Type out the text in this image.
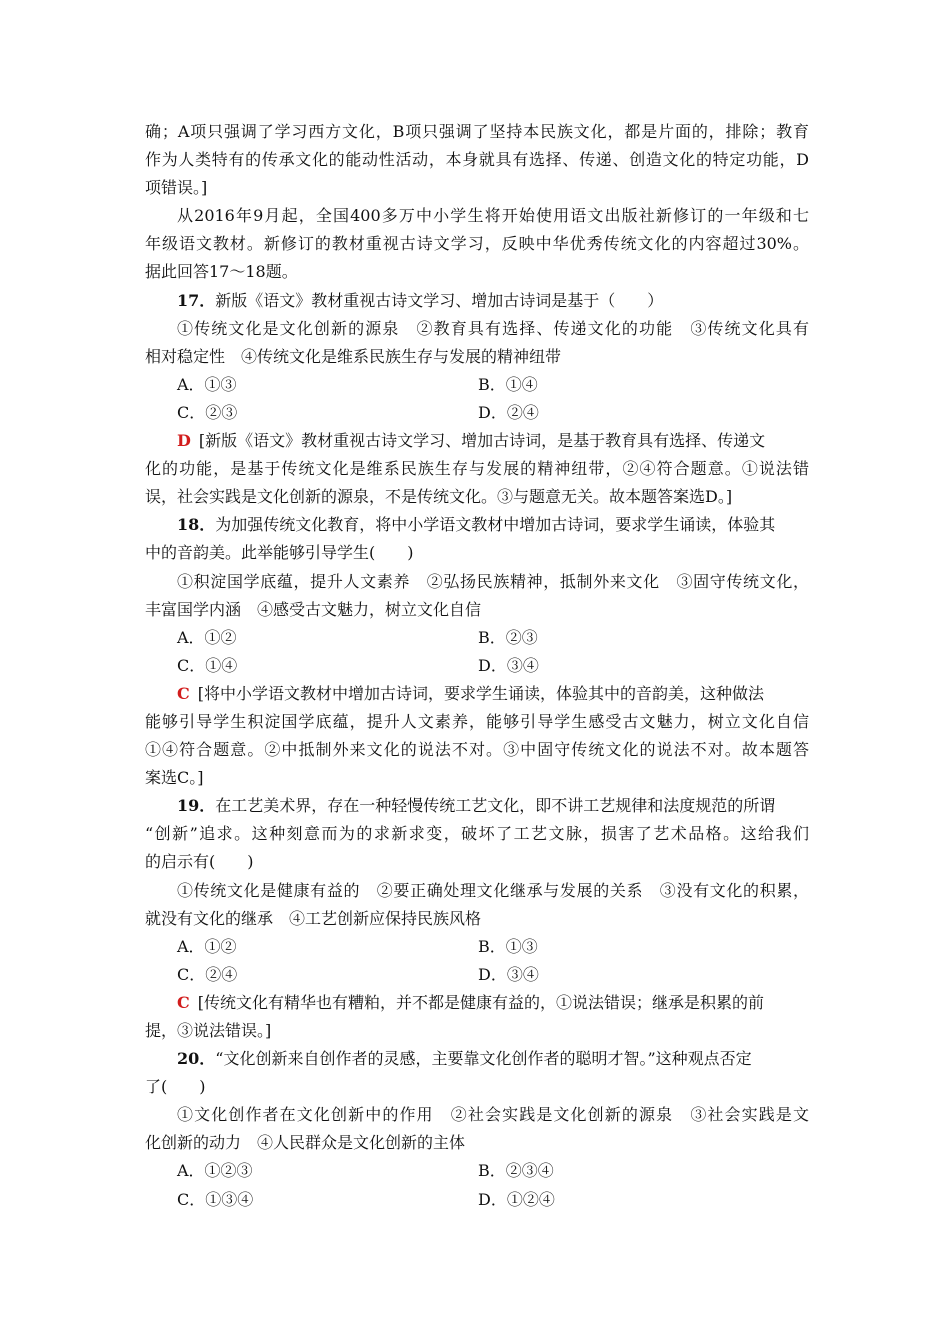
确；A项只强调了学习西方文化，B项只强调了坚持本民族文化，都是片面的，排除；教育
作为人类特有的传承文化的能动性活动，本身就具有选择、传递、创造文化的特定功能，D
项错误。]
从2016年9月起，全国400多万中小学生将开始使用语文出版社新修订的一年级和七
年级语文教材。新修订的教材重视古诗文学习，反映中华优秀传统文化的内容超过30%。
据此回答17～18题。
17．新版《语文》教材重视古诗文学习、增加古诗词是基于（　　）
①传统文化是文化创新的源泉　②教育具有选择、传递文化的功能　③传统文化具有
相对稳定性　④传统文化是维系民族生存与发展的精神纽带
A．①③	B．①④
C．②③	D．②④
D [新版《语文》教材重视古诗文学习、增加古诗词，是基于教育具有选择、传递文
化的功能，是基于传统文化是维系民族生存与发展的精神纽带，②④符合题意。①说法错
误，社会实践是文化创新的源泉，不是传统文化。③与题意无关。故本题答案选D。]
18．为加强传统文化教育，将中小学语文教材中增加古诗词，要求学生诵读，体验其
中的音韵美。此举能够引导学生(　　)
①积淀国学底蕴，提升人文素养　②弘扬民族精神，抵制外来文化　③固守传统文化，
丰富国学内涵　④感受古文魅力，树立文化自信
A．①②	B．②③
C．①④	D．③④
C [将中小学语文教材中增加古诗词，要求学生诵读，体验其中的音韵美，这种做法
能够引导学生积淀国学底蕴，提升人文素养，能够引导学生感受古文魅力，树立文化自信
①④符合题意。②中抵制外来文化的说法不对。③中固守传统文化的说法不对。故本题答
案选C。]
19．在工艺美术界，存在一种轻慢传统工艺文化，即不讲工艺规律和法度规范的所谓
“创新”追求。这种刻意而为的求新求变，破坏了工艺文脉，损害了艺术品格。这给我们
的启示有(　　)
①传统文化是健康有益的　②要正确处理文化继承与发展的关系　③没有文化的积累，
就没有文化的继承　④工艺创新应保持民族风格
A．①②	B．①③
C．②④	D．③④
C [传统文化有精华也有糟粕，并不都是健康有益的，①说法错误；继承是积累的前
提，③说法错误。]
20．“文化创新来自创作者的灵感，主要靠文化创作者的聪明才智。”这种观点否定
了(　　)
①文化创作者在文化创新中的作用　②社会实践是文化创新的源泉　③社会实践是文
化创新的动力　④人民群众是文化创新的主体
A．①②③	B．②③④
C．①③④	D．①②④
